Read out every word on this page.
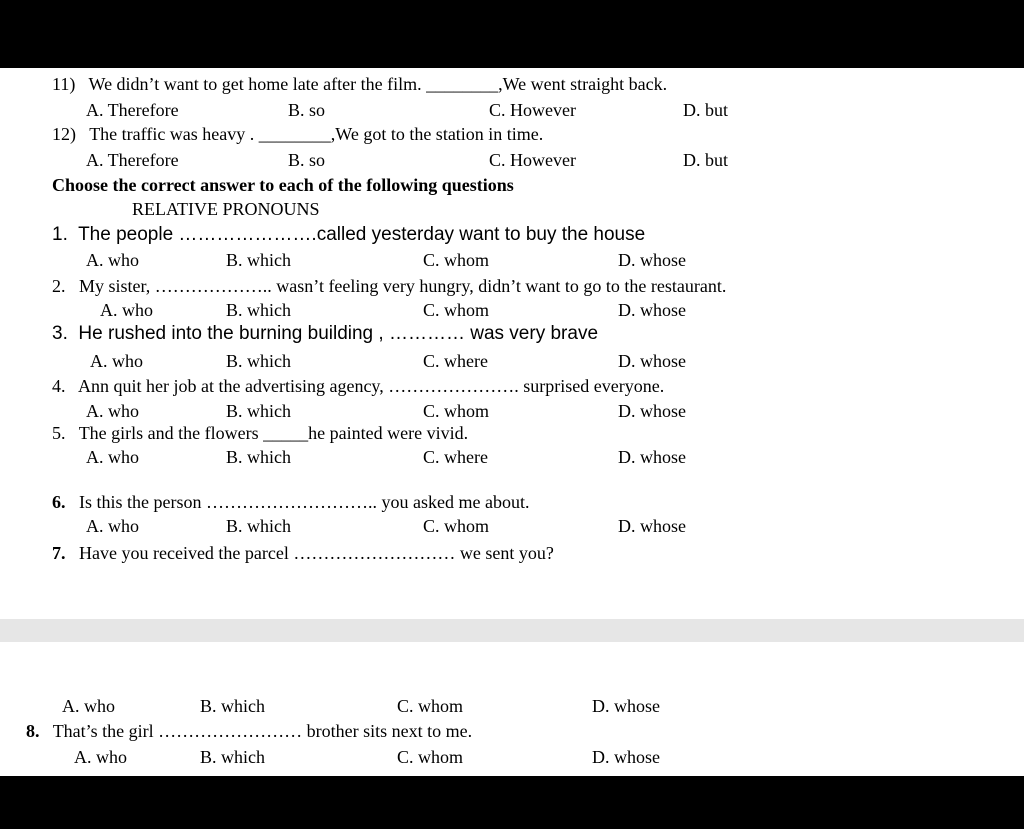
11) We didn’t want to get home late after the film. ________,We went straight back.
A. Therefore	B. so	C. However	D. but
12) The traffic was heavy . ________,We got to the station in time.
A. Therefore	B. so	C. However	D. but
Choose the correct answer to each of the following questions
RELATIVE PRONOUNS
1. The people ………………….called yesterday want to buy the house
A. who	B. which	C. whom	D. whose
2. My sister, ……………….. wasn’t feeling very hungry, didn’t want to go to the restaurant.
A. who	B. which	C. whom	D. whose
3. He rushed into the burning building , ………… was very brave
A. who	B. which	C. where	D. whose
4. Ann quit her job at the advertising agency, …………………. surprised everyone.
A. who	B. which	C. whom	D. whose
5. The girls and the flowers _____he painted were vivid.
A. who	B. which	C. where	D. whose
6. Is this the person ……………………….. you asked me about.
A. who	B. which	C. whom	D. whose
7. Have you received the parcel ……………………… we sent you?
A. who	B. which	C. whom	D. whose
8. That’s the girl …………………… brother sits next to me.
A. who	B. which	C. whom	D. whose
